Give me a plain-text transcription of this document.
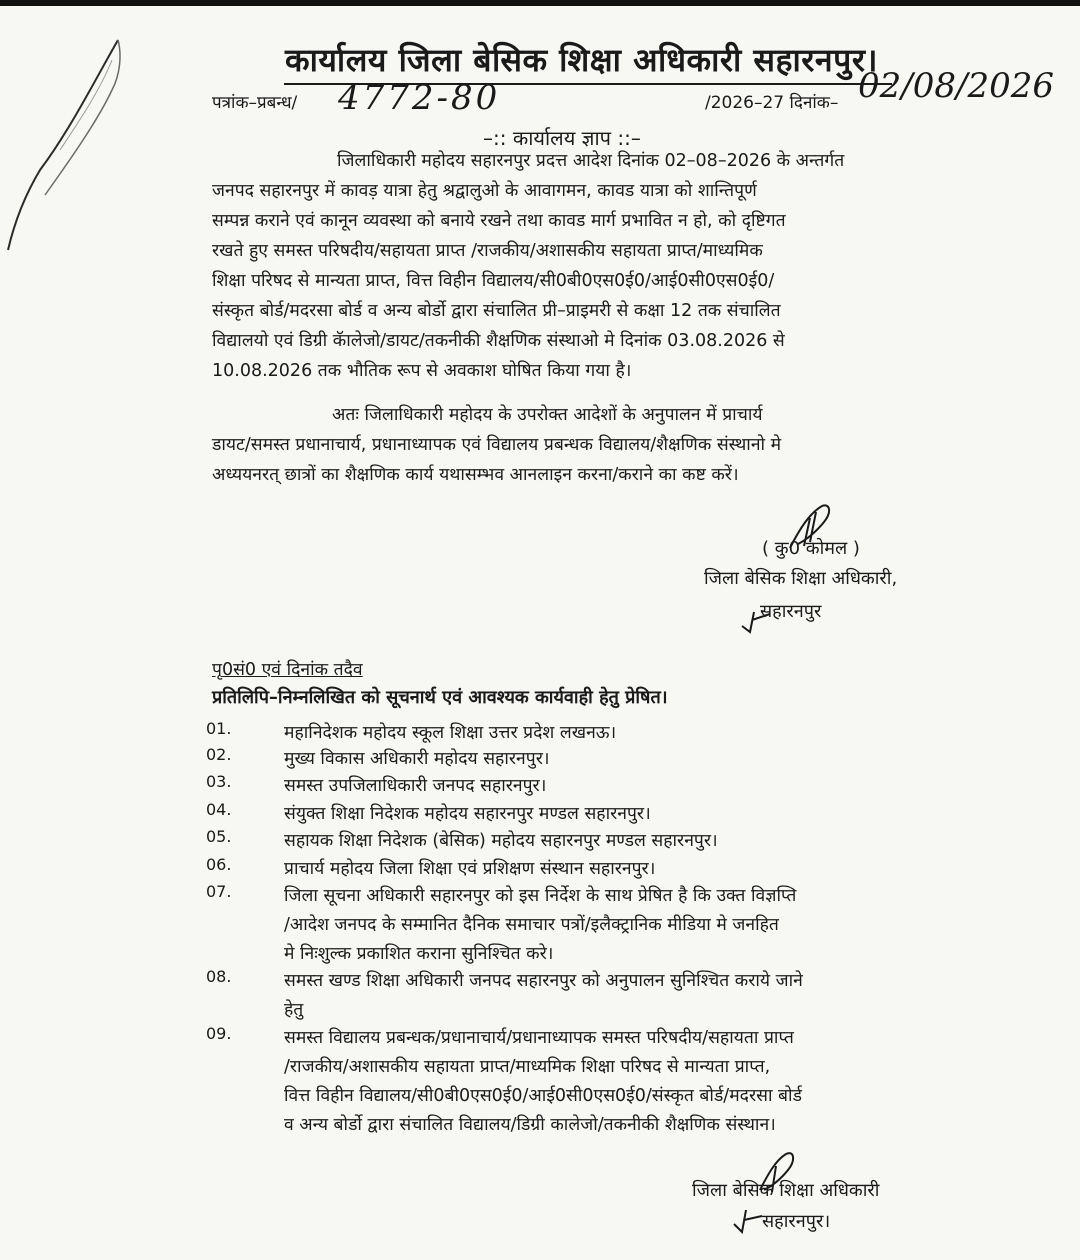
कार्यालय जिला बेसिक शिक्षा अधिकारी सहारनपुर।
पत्रांक–प्रबन्ध/ 4772-80	/2026–27 दिनांक– 02/08/2026
–:: कार्यालय ज्ञाप ::–
जिलाधिकारी महोदय सहारनपुर प्रदत्त आदेश दिनांक 02–08–2026 के अन्तर्गत
जनपद सहारनपुर में कावड़ यात्रा हेतु श्रद्वालुओ के आवागमन, कावड यात्रा को शान्तिपूर्ण
सम्पन्न कराने एवं कानून व्यवस्था को बनाये रखने तथा कावड मार्ग प्रभावित न हो, को दृष्टिगत
रखते हुए समस्त परिषदीय/सहायता प्राप्त /राजकीय/अशासकीय सहायता प्राप्त/माध्यमिक
शिक्षा परिषद से मान्यता प्राप्त, वित्त विहीन विद्यालय/सी0बी0एस0ई0/आई0सी0एस0ई0/
संस्कृत बोर्ड/मदरसा बोर्ड व अन्य बोर्डो द्वारा संचालित प्री–प्राइमरी से कक्षा 12 तक संचालित
विद्यालयो एवं डिग्री कॅालेजो/डायट/तकनीकी शैक्षणिक संस्थाओ मे दिनांक 03.08.2026 से
10.08.2026 तक भौतिक रूप से अवकाश घोषित किया गया है।
अतः जिलाधिकारी महोदय के उपरोक्त आदेशों के अनुपालन में प्राचार्य
डायट/समस्त प्रधानाचार्य, प्रधानाध्यापक एवं विद्यालय प्रबन्धक विद्यालय/शैक्षणिक संस्थानो मे
अध्ययनरत् छात्रों का शैक्षणिक कार्य यथासम्भव आनलाइन करना/कराने का कष्ट करें।
( कु0 कोमल )
जिला बेसिक शिक्षा अधिकारी,
सहारनपुर
पृ0सं0 एवं दिनांक तदैव
प्रतिलिपि–निम्नलिखित को सूचनार्थ एवं आवश्यक कार्यवाही हेतु प्रेषित।
01.	महानिदेशक महोदय स्कूल शिक्षा उत्तर प्रदेश लखनऊ।
02.	मुख्य विकास अधिकारी महोदय सहारनपुर।
03.	समस्त उपजिलाधिकारी जनपद सहारनपुर।
04.	संयुक्त शिक्षा निदेशक महोदय सहारनपुर मण्डल सहारनपुर।
05.	सहायक शिक्षा निदेशक (बेसिक) महोदय सहारनपुर मण्डल सहारनपुर।
06.	प्राचार्य महोदय जिला शिक्षा एवं प्रशिक्षण संस्थान सहारनपुर।
07.	जिला सूचना अधिकारी सहारनपुर को इस निर्देश के साथ प्रेषित है कि उक्त विज्ञप्ति
/आदेश जनपद के सम्मानित दैनिक समाचार पत्रों/इलैक्ट्रानिक मीडिया मे जनहित
मे निःशुल्क प्रकाशित कराना सुनिश्चित करे।
08.	समस्त खण्ड शिक्षा अधिकारी जनपद सहारनपुर को अनुपालन सुनिश्चित कराये जाने
हेतु
09.	समस्त विद्यालय प्रबन्धक/प्रधानाचार्य/प्रधानाध्यापक समस्त परिषदीय/सहायता प्राप्त
/राजकीय/अशासकीय सहायता प्राप्त/माध्यमिक शिक्षा परिषद से मान्यता प्राप्त,
वित्त विहीन विद्यालय/सी0बी0एस0ई0/आई0सी0एस0ई0/संस्कृत बोर्ड/मदरसा बोर्ड
व अन्य बोर्डो द्वारा संचालित विद्यालय/डिग्री कालेजो/तकनीकी शैक्षणिक संस्थान।
जिला बेसिक शिक्षा अधिकारी
सहारनपुर।
